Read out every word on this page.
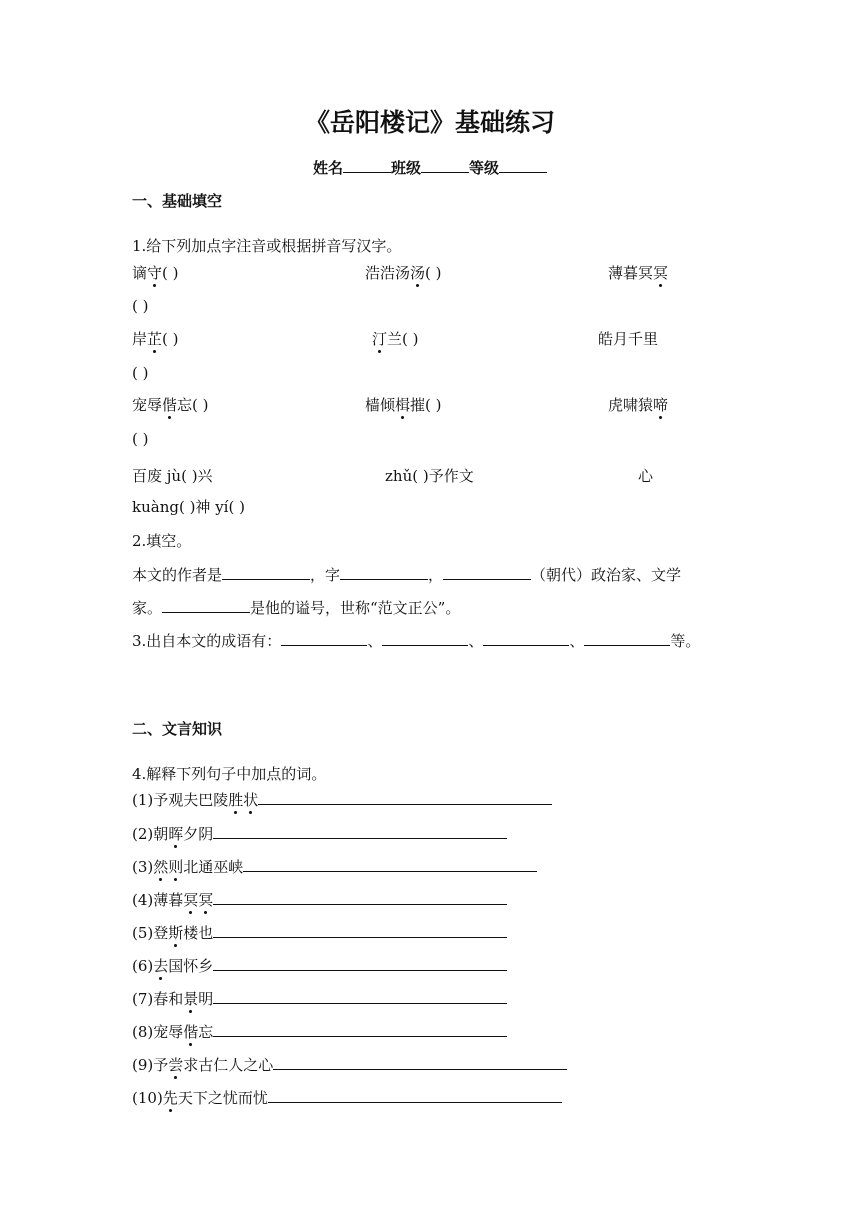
《岳阳楼记》基础练习
姓名	班级	等级
一、基础填空
1.给下列加点字注音或根据拼音写汉字。
谪守( )	浩浩汤汤( )	薄暮冥冥
( )
岸芷( )	汀兰( )	皓月千里
( )
宠辱偕忘( )	樯倾楫摧( )	虎啸猿啼
( )
百废 jù( )兴	zhǔ( )予作文	心
kuàng( )神 yí( )
2.填空。
本文的作者是	，字	，	（朝代）政治家、文学
家。	是他的谥号，世称“范文正公”。
3.出自本文的成语有：	、	、	、	等。
二、文言知识
4.解释下列句子中加点的词。
(1)予观夫巴陵胜状
(2)朝晖夕阴
(3)然则北通巫峡
(4)薄暮冥冥
(5)登斯楼也
(6)去国怀乡
(7)春和景明
(8)宠辱偕忘
(9)予尝求古仁人之心
(10)先天下之忧而忧
